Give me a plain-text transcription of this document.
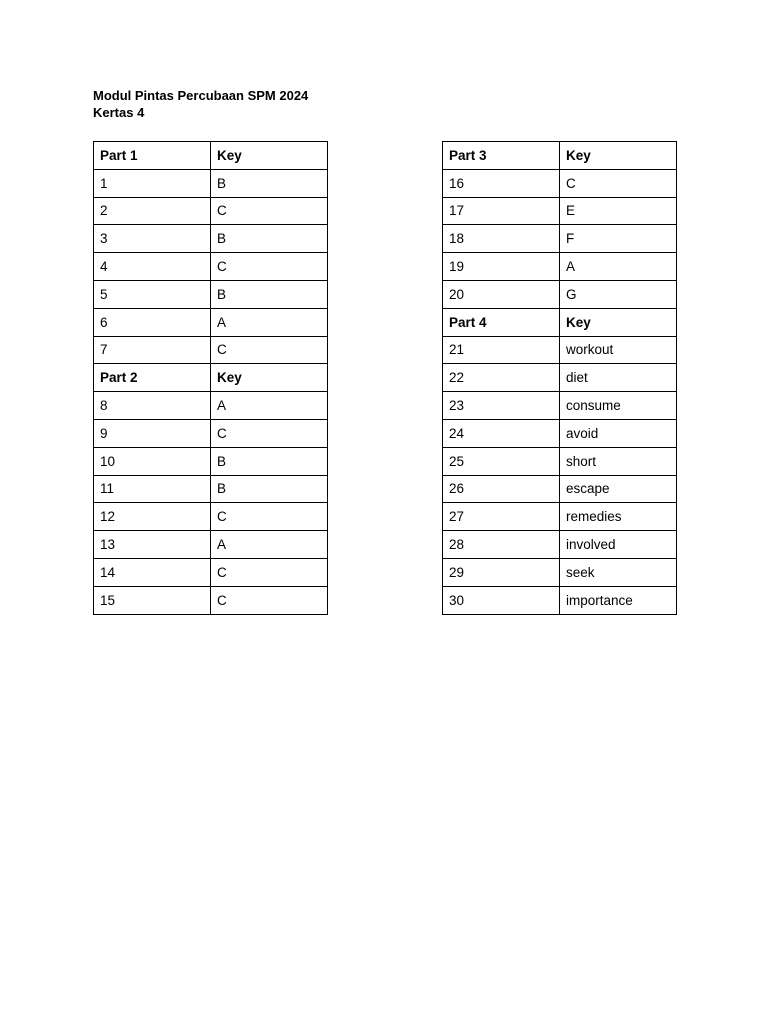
Modul Pintas Percubaan SPM 2024
Kertas 4
Part 1	Key
1	B
2	C
3	B
4	C
5	B
6	A
7	C
Part 2	Key
8	A
9	C
10	B
11	B
12	C
13	A
14	C
15	C
Part 3	Key
16	C
17	E
18	F
19	A
20	G
Part 4	Key
21	workout
22	diet
23	consume
24	avoid
25	short
26	escape
27	remedies
28	involved
29	seek
30	importance
